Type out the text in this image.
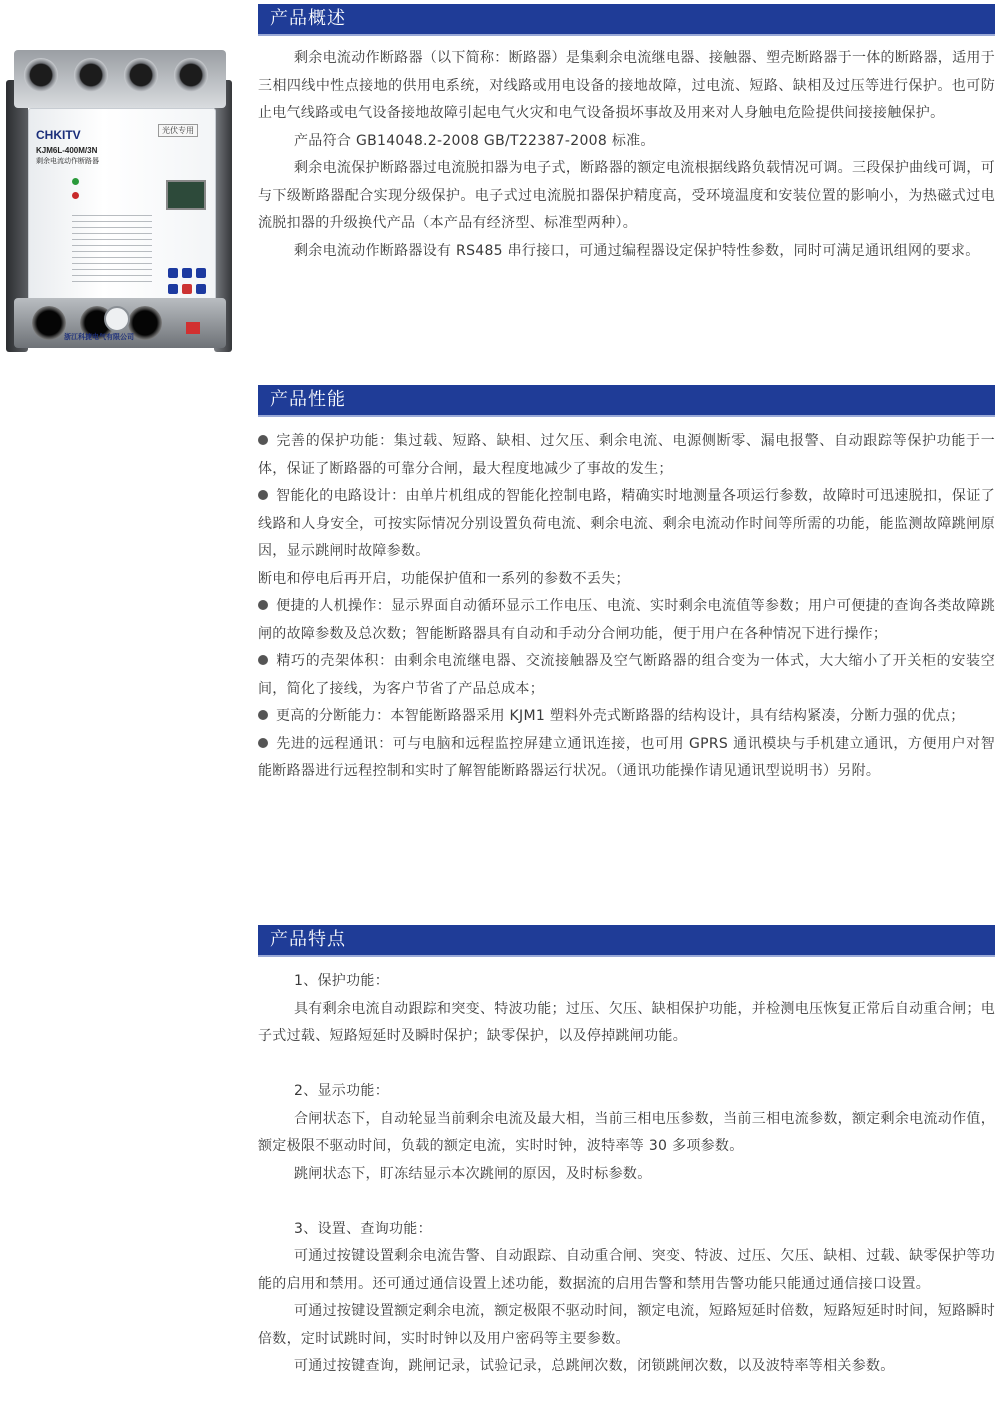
CHKITV	光伏专用
KJM6L-400M/3N
剩余电流动作断路器
浙江科捷电气有限公司
产品概述

剩余电流动作断路器（以下简称：断路器）是集剩余电流继电器、接触器、塑壳断路器于一体的断路器，适用于三相四线中性点接地的供用电系统，对线路或用电设备的接地故障，过电流、短路、缺相及过压等进行保护。也可防止电气线路或电气设备接地故障引起电气火灾和电气设备损坏事故及用来对人身触电危险提供间接接触保护。

产品符合 GB14048.2-2008 GB/T22387-2008 标准。

剩余电流保护断路器过电流脱扣器为电子式，断路器的额定电流根据线路负载情况可调。三段保护曲线可调，可与下级断路器配合实现分级保护。电子式过电流脱扣器保护精度高，受环境温度和安装位置的影响小，为热磁式过电流脱扣器的升级换代产品（本产品有经济型、标准型两种）。

剩余电流动作断路器设有 RS485 串行接口，可通过编程器设定保护特性参数，同时可满足通讯组网的要求。

产品性能

完善的保护功能：集过载、短路、缺相、过欠压、剩余电流、电源侧断零、漏电报警、自动跟踪等保护功能于一体，保证了断路器的可靠分合闸，最大程度地减少了事故的发生；

智能化的电路设计：由单片机组成的智能化控制电路，精确实时地测量各项运行参数，故障时可迅速脱扣，保证了线路和人身安全，可按实际情况分别设置负荷电流、剩余电流、剩余电流动作时间等所需的功能，能监测故障跳闸原因，显示跳闸时故障参数。

断电和停电后再开启，功能保护值和一系列的参数不丢失；

便捷的人机操作：显示界面自动循环显示工作电压、电流、实时剩余电流值等参数；用户可便捷的查询各类故障跳闸的故障参数及总次数；智能断路器具有自动和手动分合闸功能，便于用户在各种情况下进行操作；

精巧的壳架体积：由剩余电流继电器、交流接触器及空气断路器的组合变为一体式，大大缩小了开关柜的安装空间，简化了接线，为客户节省了产品总成本；

更高的分断能力：本智能断路器采用 KJM1 塑料外壳式断路器的结构设计，具有结构紧凑，分断力强的优点；

先进的远程通讯：可与电脑和远程监控屏建立通讯连接，也可用 GPRS 通讯模块与手机建立通讯，方便用户对智能断路器进行远程控制和实时了解智能断路器运行状况。（通讯功能操作请见通讯型说明书）另附。

产品特点

1、保护功能：

具有剩余电流自动跟踪和突变、特波功能；过压、欠压、缺相保护功能，并检测电压恢复正常后自动重合闸；电子式过载、短路短延时及瞬时保护；缺零保护，以及停掉跳闸功能。

2、显示功能：

合闸状态下，自动轮显当前剩余电流及最大相，当前三相电压参数，当前三相电流参数，额定剩余电流动作值，额定极限不驱动时间，负载的额定电流，实时时钟，波特率等 30 多项参数。

跳闸状态下，盯冻结显示本次跳闸的原因，及时标参数。

3、设置、查询功能：

可通过按键设置剩余电流告警、自动跟踪、自动重合闸、突变、特波、过压、欠压、缺相、过载、缺零保护等功能的启用和禁用。还可通过通信设置上述功能，数据流的启用告警和禁用告警功能只能通过通信接口设置。

可通过按键设置额定剩余电流，额定极限不驱动时间，额定电流，短路短延时倍数，短路短延时时间，短路瞬时倍数，定时试跳时间，实时时钟以及用户密码等主要参数。

可通过按键查询，跳闸记录，试验记录，总跳闸次数，闭锁跳闸次数，以及波特率等相关参数。
